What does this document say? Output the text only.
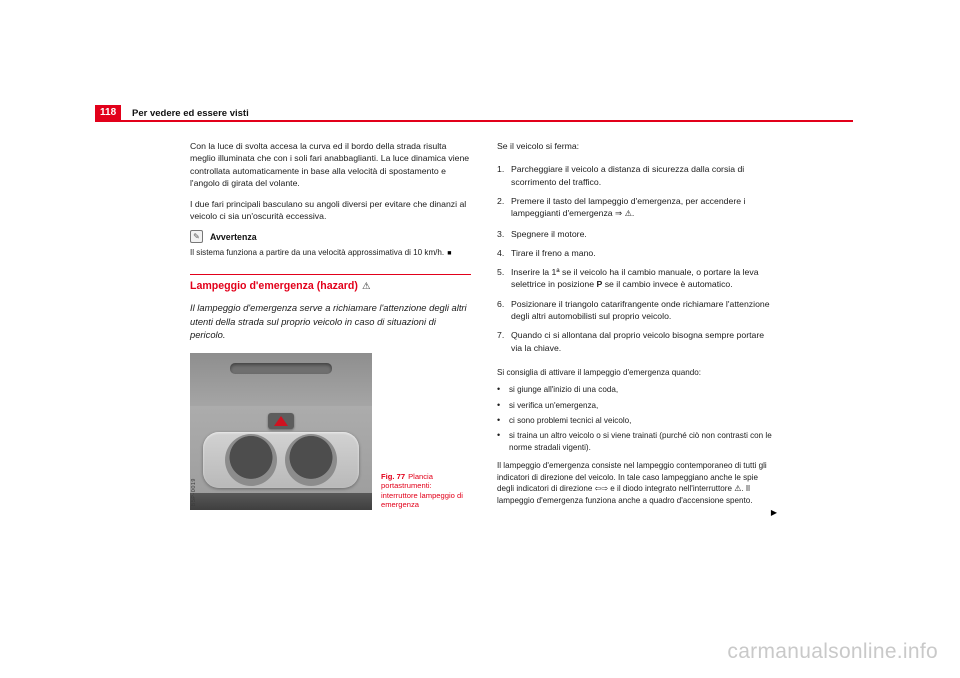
118	Per vedere ed essere visti

Con la luce di svolta accesa la curva ed il bordo della strada risulta meglio illuminata che con i soli fari anabbaglianti. La luce dinamica viene controllata automaticamente in base alla velocità di spostamento e l'angolo di girata del volante.

I due fari principali basculano su angoli diversi per evitare che dinanzi al veicolo ci sia un'oscurità eccessiva.

✎	Avvertenza
Il sistema funziona a partire da una velocità approssimativa di 10 km/h. ■
Lampeggio d'emergenza (hazard) ⚠

Il lampeggio d'emergenza serve a richiamare l'attenzione degli altri utenti della strada sul proprio veicolo in caso di situazioni di pericolo.

B5P-0019
Fig. 77 Plancia portastrumenti: interruttore lampeggio di emergenza

Se il veicolo si ferma:

1. Parcheggiare il veicolo a distanza di sicurezza dalla corsia di scorrimento del traffico.
2. Premere il tasto del lampeggio d'emergenza, per accendere i lampeggianti d'emergenza ⇒ ⚠.
3. Spegnere il motore.
4. Tirare il freno a mano.
5. Inserire la 1ª se il veicolo ha il cambio manuale, o portare la leva selettrice in posizione P se il cambio invece è automatico.
6. Posizionare il triangolo catarifrangente onde richiamare l'attenzione degli altri automobilisti sul proprio veicolo.
7. Quando ci si allontana dal proprio veicolo bisogna sempre portare via la chiave.

Si consiglia di attivare il lampeggio d'emergenza quando:

•	si giunge all'inizio di una coda,
•	si verifica un'emergenza,
•	ci sono problemi tecnici al veicolo,
•	si traina un altro veicolo o si viene trainati (purché ciò non contrasti con le norme stradali vigenti).

Il lampeggio d'emergenza consiste nel lampeggio contemporaneo di tutti gli indicatori di direzione del veicolo. In tale caso lampeggiano anche le spie degli indicatori di direzione ⇦⇨ e il diodo integrato nell'interruttore ⚠. Il lampeggio d'emergenza funziona anche a quadro d'accensione spento.

▶
carmanualsonline.info
